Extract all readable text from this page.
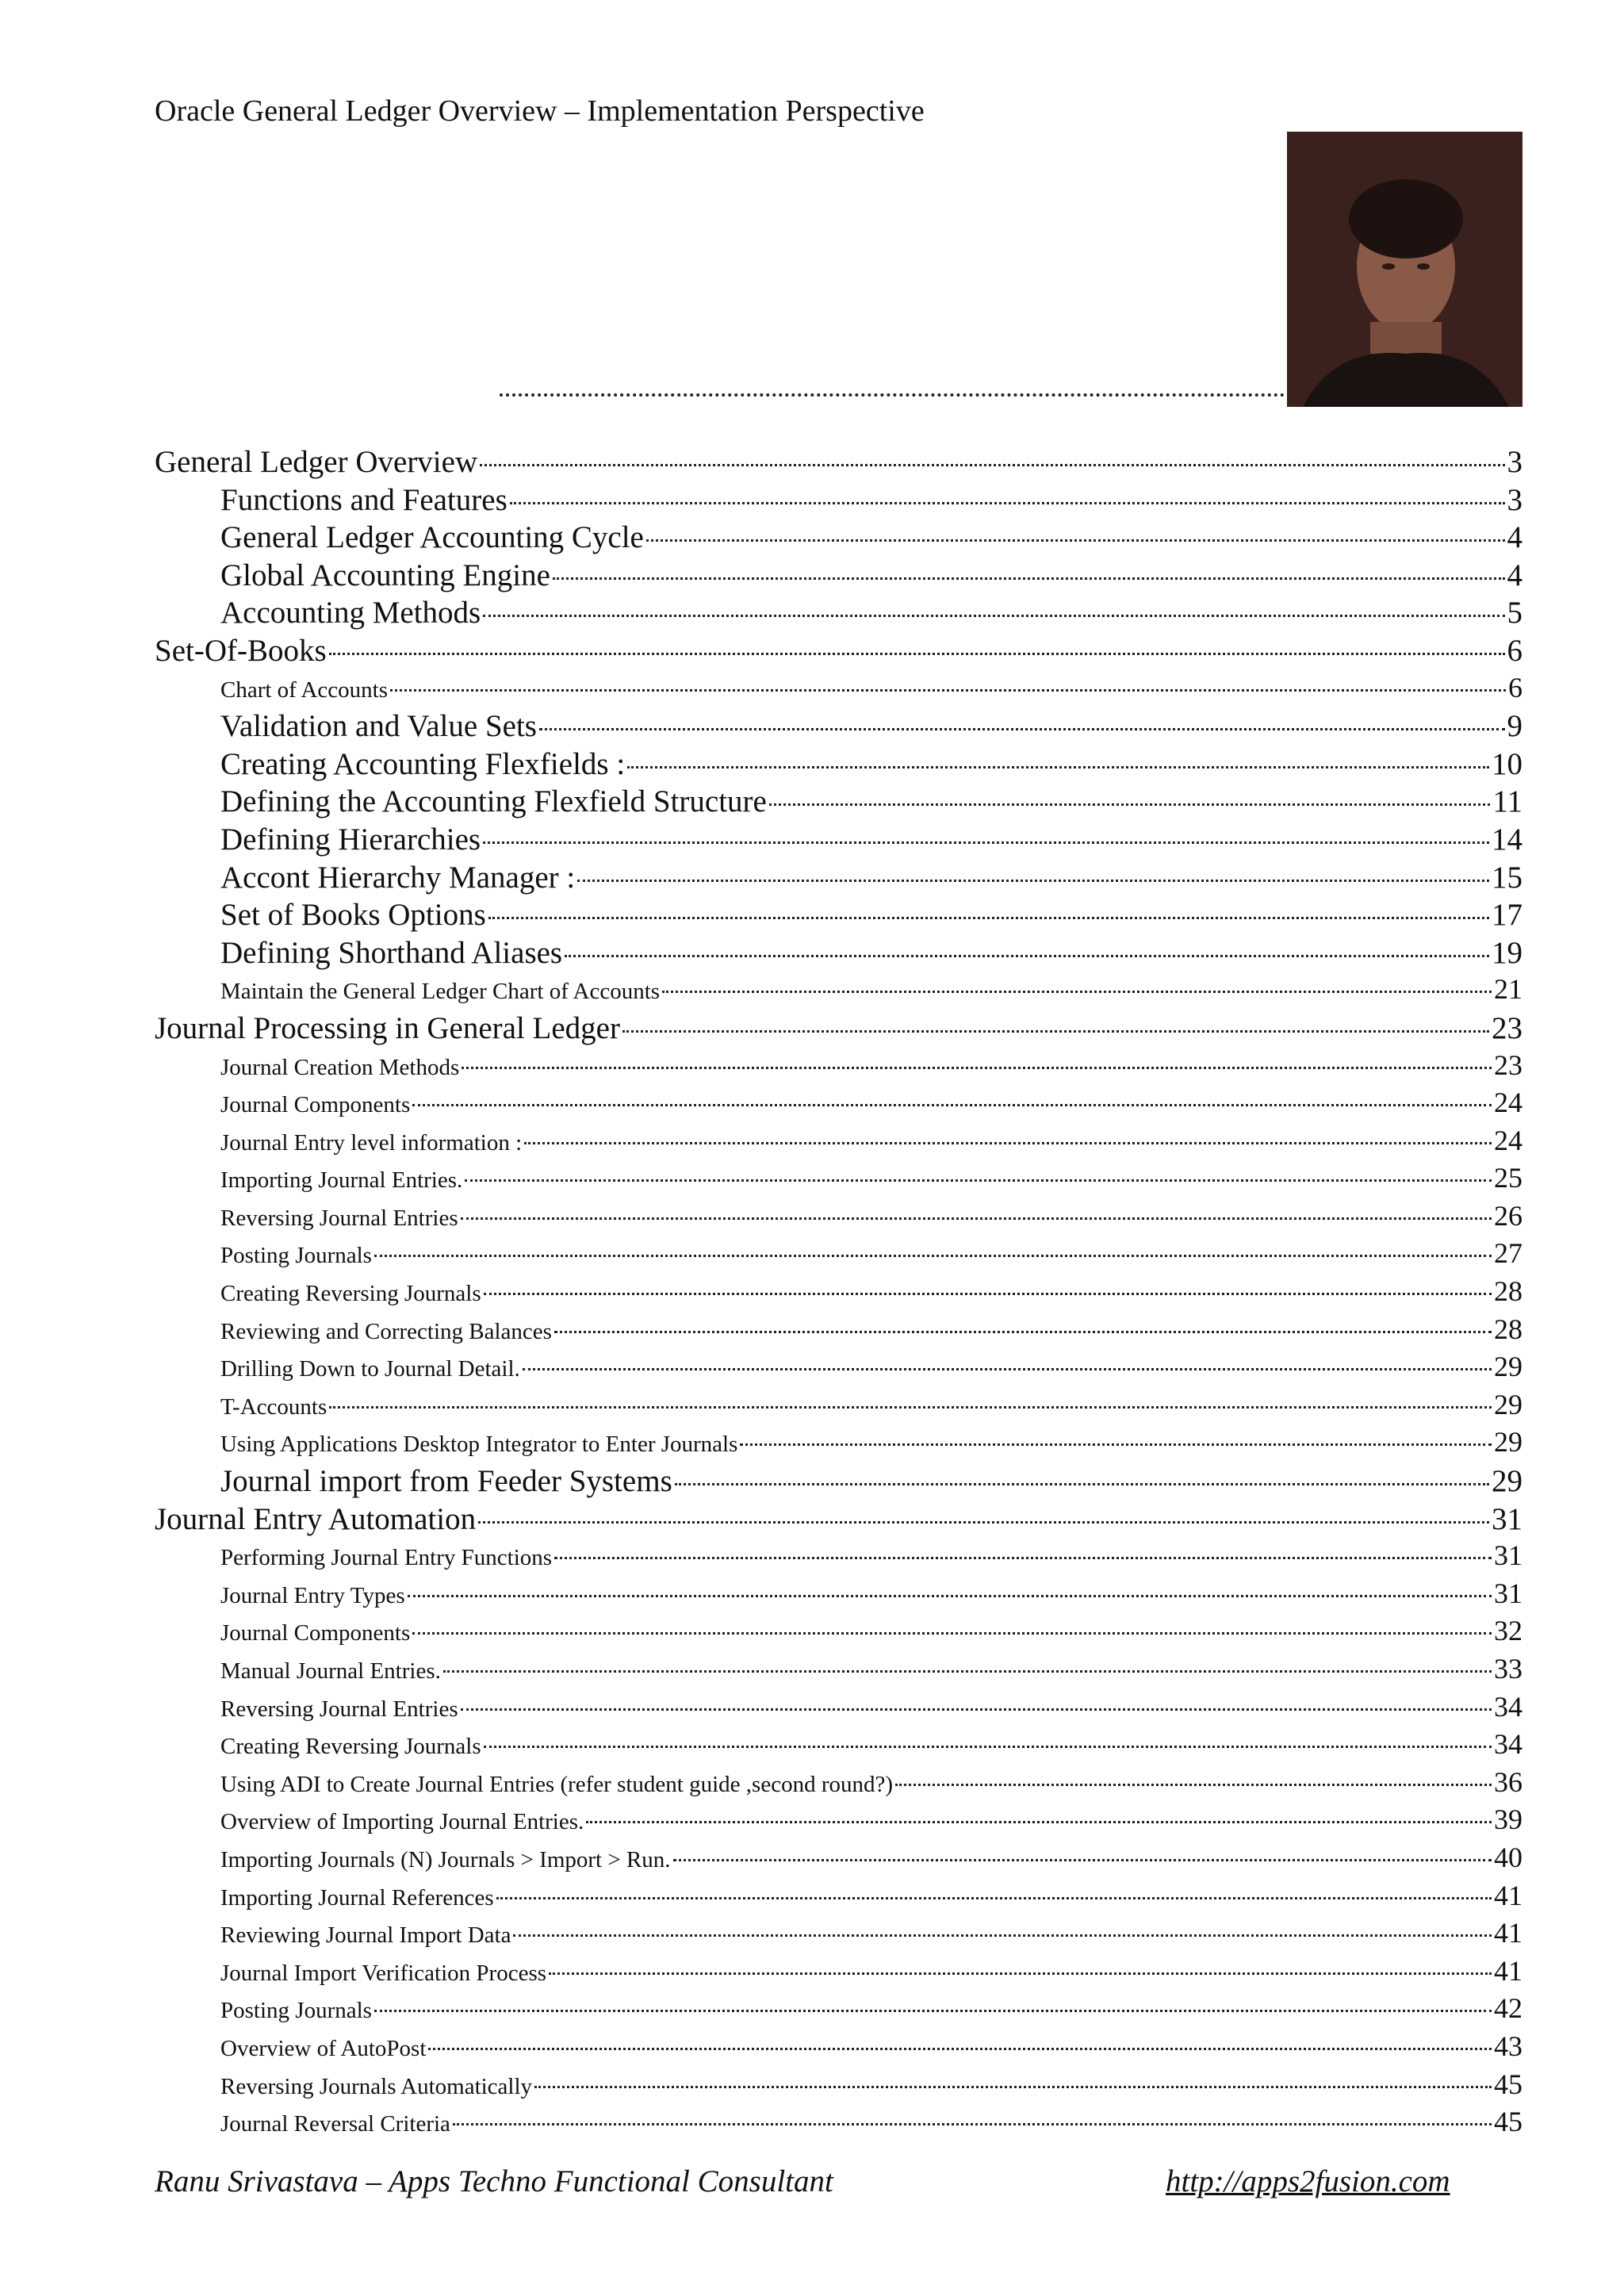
Oracle General Ledger Overview – Implementation Perspective
General Ledger Overview	3
Functions and Features	3
General Ledger Accounting Cycle	4
Global Accounting Engine	4
Accounting Methods	5
Set-Of-Books	6
Chart of Accounts	6
Validation and Value Sets	9
Creating Accounting Flexfields :	10
Defining the Accounting Flexfield Structure	11
Defining Hierarchies	14
Accont Hierarchy Manager :	15
Set of Books Options	17
Defining Shorthand Aliases	19
Maintain the General Ledger Chart of Accounts	21
Journal Processing in General Ledger	23
Journal Creation Methods	23
Journal Components	24
Journal Entry level information :	24
Importing Journal Entries.	25
Reversing Journal Entries	26
Posting Journals	27
Creating Reversing Journals	28
Reviewing and Correcting Balances	28
Drilling Down to Journal Detail.	29
T-Accounts	29
Using Applications Desktop Integrator to Enter Journals	29
Journal import from Feeder Systems	29
Journal Entry Automation	31
Performing Journal Entry Functions	31
Journal Entry Types	31
Journal Components	32
Manual Journal Entries.	33
Reversing Journal Entries	34
Creating Reversing Journals	34
Using ADI to Create Journal Entries (refer student guide ,second round?)	36
Overview of Importing Journal Entries.	39
Importing Journals (N) Journals > Import > Run.	40
Importing Journal References	41
Reviewing Journal Import Data	41
Journal Import Verification Process	41
Posting Journals	42
Overview of AutoPost	43
Reversing Journals Automatically	45
Journal Reversal Criteria	45
Ranu Srivastava – Apps Techno Functional Consultant	http://apps2fusion.com
